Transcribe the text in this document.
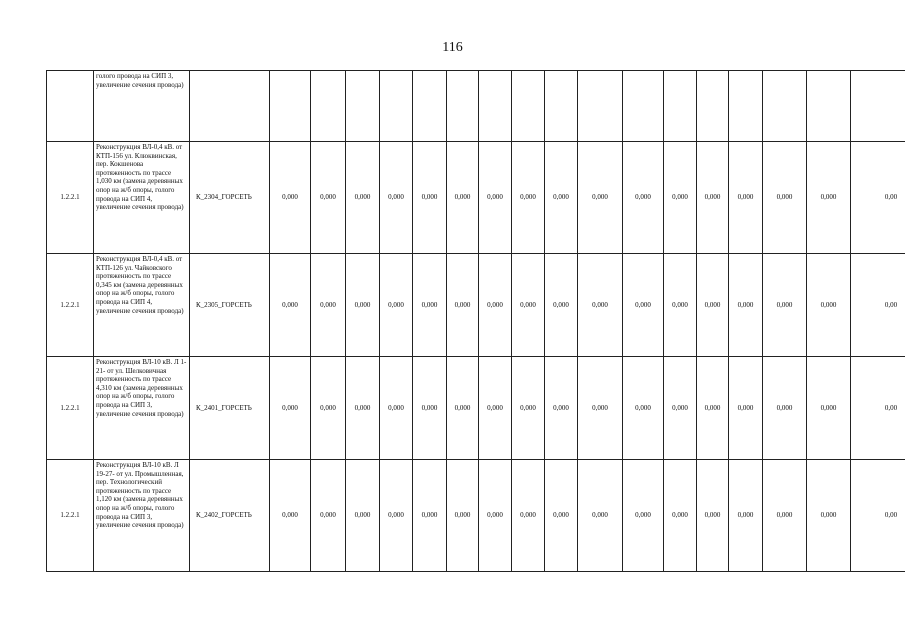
116
	голого провода на СИП 3, увеличение сечения провода)																		
1.2.2.1	Реконструкция ВЛ-0,4 кВ. от КТП-156 ул. Клюквинская, пер. Кокшенова протяженность по трассе 1,030 км (замена деревянных опор на ж/б опоры, голого провода на СИП 4, увеличение сечения провода)	К_2304_ГОРСЕТЬ	0,000	0,000	0,000	0,000	0,000	0,000	0,000	0,000	0,000	0,000	0,000	0,000	0,000	0,000	0,000	0,000	0,00
1.2.2.1	Реконструкция ВЛ-0,4 кВ. от КТП-126 ул. Чайковского протяженность по трассе 0,345 км (замена деревянных опор на ж/б опоры, голого провода на СИП 4, увеличение сечения провода)	К_2305_ГОРСЕТЬ	0,000	0,000	0,000	0,000	0,000	0,000	0,000	0,000	0,000	0,000	0,000	0,000	0,000	0,000	0,000	0,000	0,00
1.2.2.1	Реконструкция ВЛ-10 кВ. Л 1-21- от ул. Шелковичная протяженность по трассе 4,310 км (замена деревянных опор на ж/б опоры, голого провода на СИП 3, увеличение сечения провода)	К_2401_ГОРСЕТЬ	0,000	0,000	0,000	0,000	0,000	0,000	0,000	0,000	0,000	0,000	0,000	0,000	0,000	0,000	0,000	0,000	0,00
1.2.2.1	Реконструкция ВЛ-10 кВ. Л 19-27- от ул. Промышленная, пер. Технологический протяженность по трассе 1,120 км (замена деревянных опор на ж/б опоры, голого провода на СИП 3, увеличение сечения провода)	К_2402_ГОРСЕТЬ	0,000	0,000	0,000	0,000	0,000	0,000	0,000	0,000	0,000	0,000	0,000	0,000	0,000	0,000	0,000	0,000	0,00
